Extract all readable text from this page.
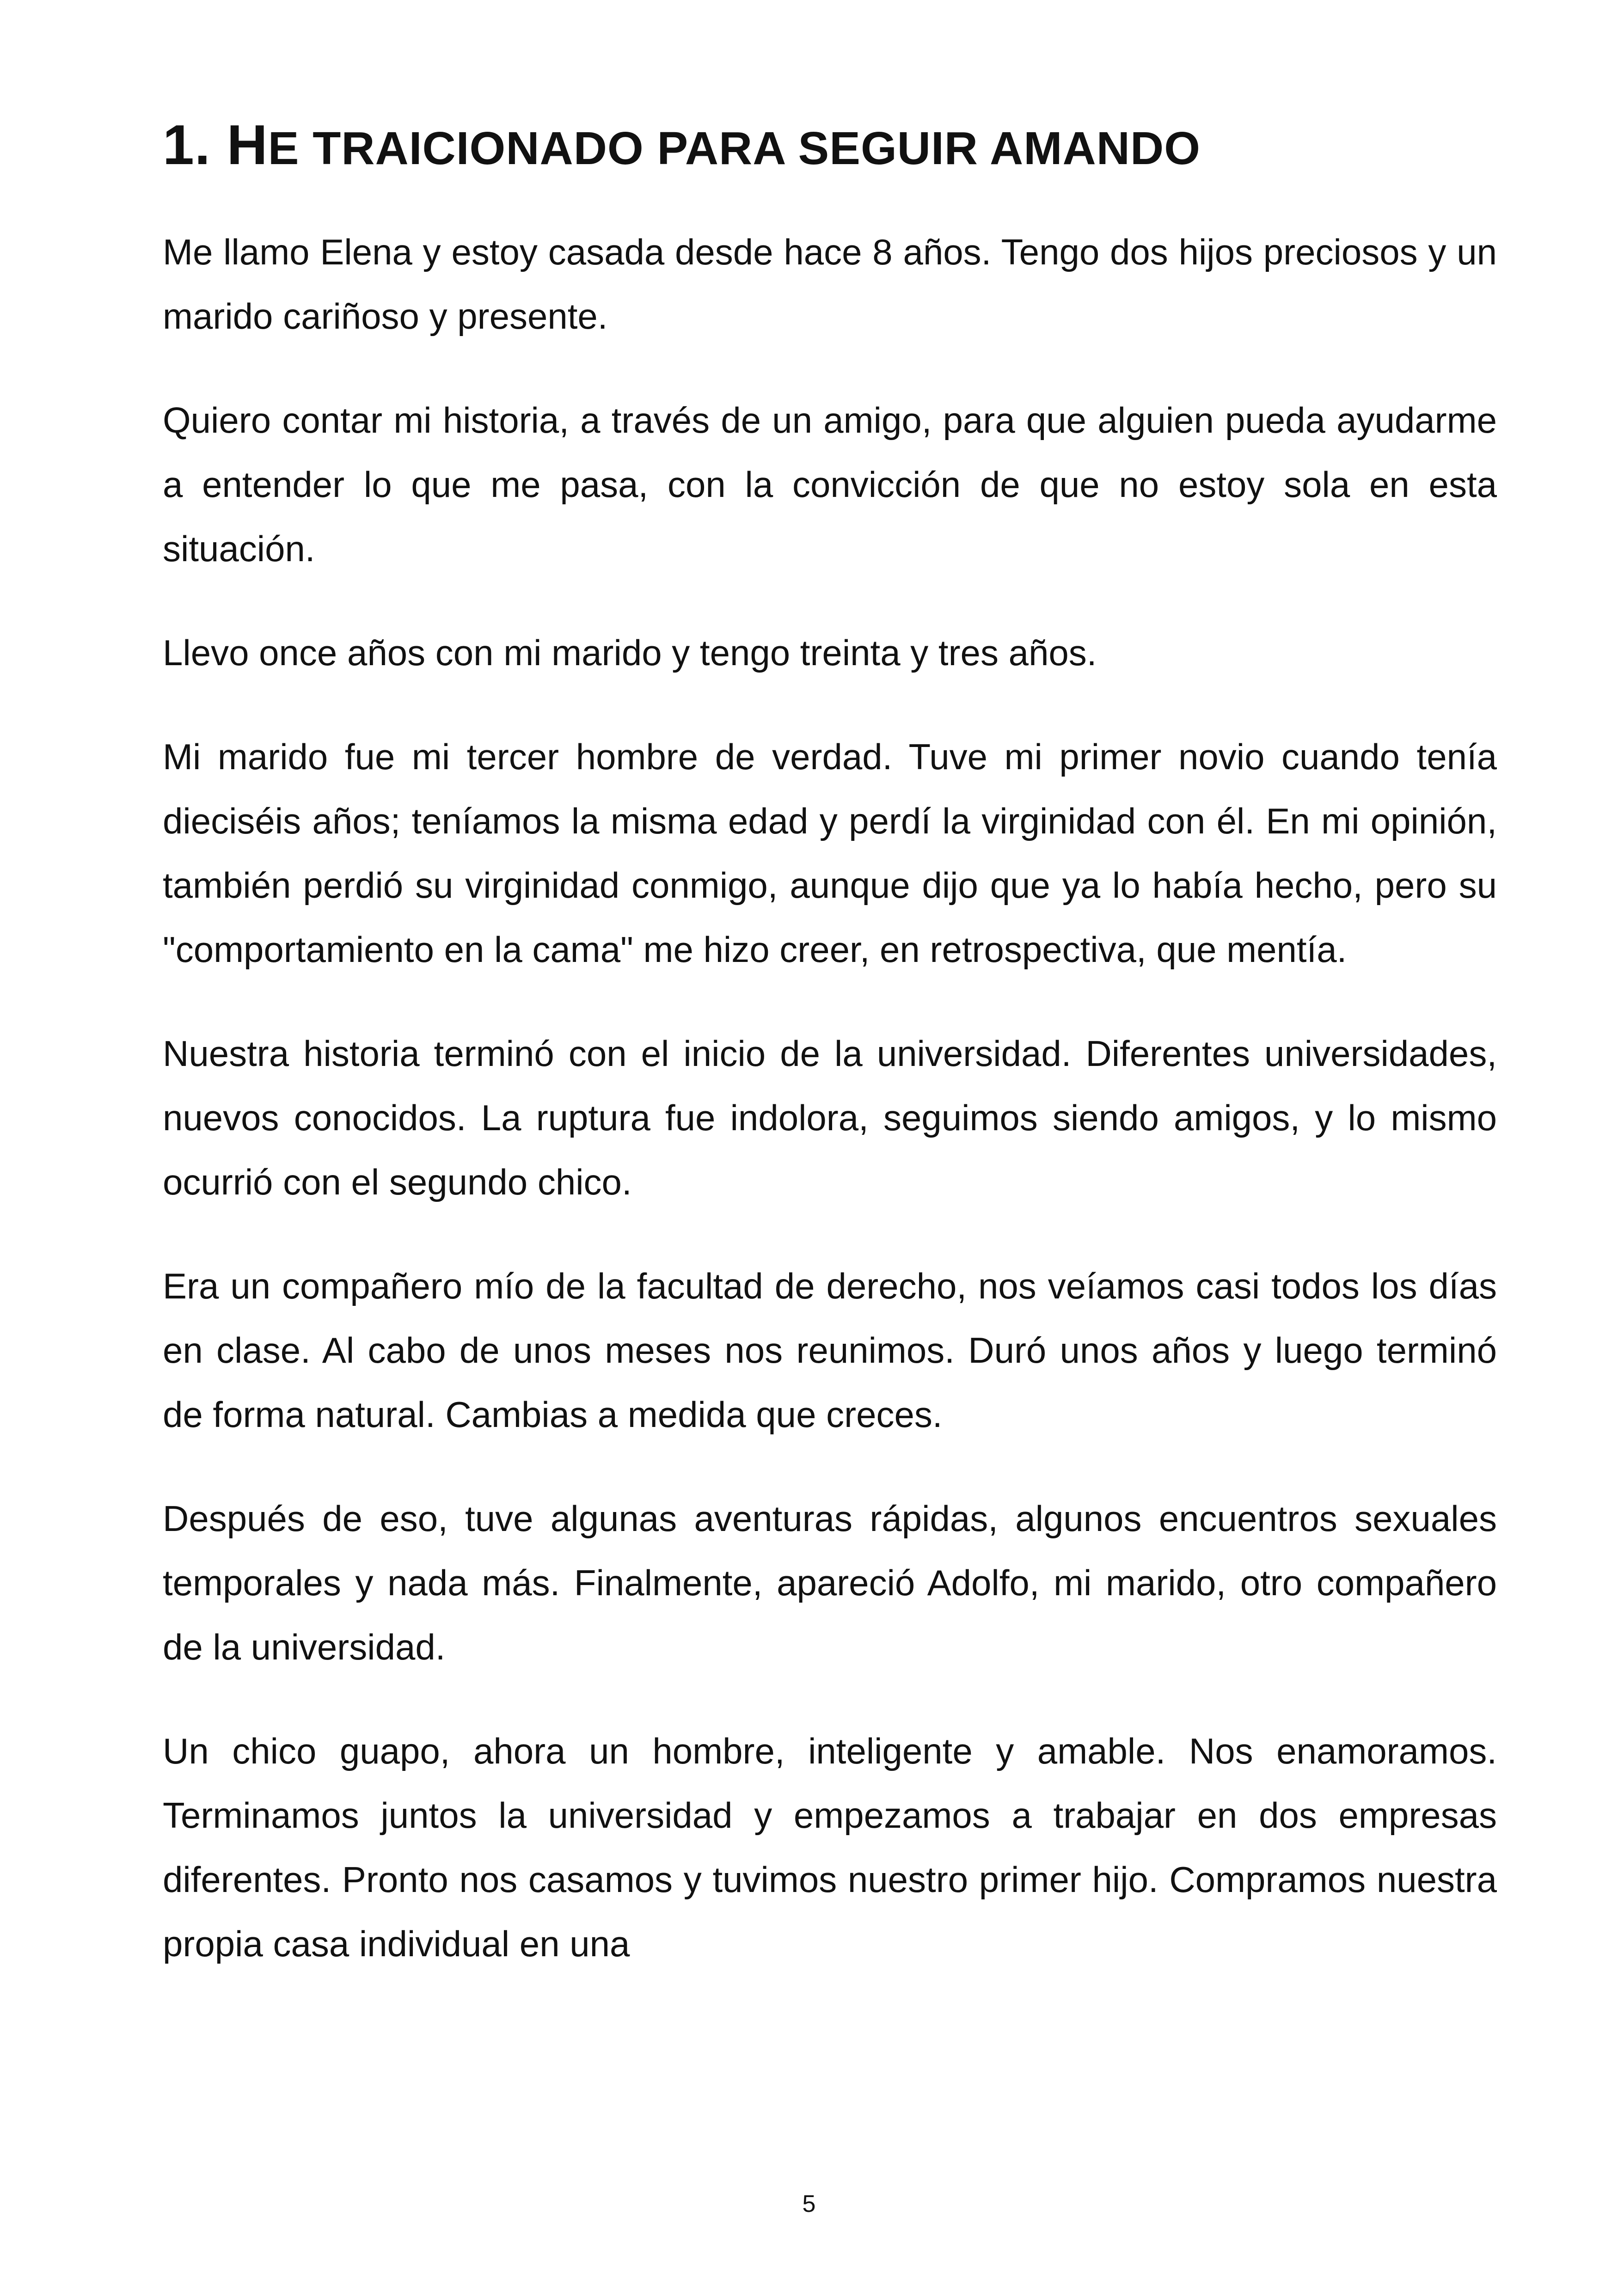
1. HE TRAICIONADO PARA SEGUIR AMANDO

Me llamo Elena y estoy casada desde hace 8 años. Tengo dos hijos preciosos y un marido cariñoso y presente.

Quiero contar mi historia, a través de un amigo, para que alguien pueda ayudarme a entender lo que me pasa, con la convicción de que no estoy sola en esta situación.

Llevo once años con mi marido y tengo treinta y tres años.

Mi marido fue mi tercer hombre de verdad. Tuve mi primer novio cuando tenía dieciséis años; teníamos la misma edad y perdí la virginidad con él. En mi opinión, también perdió su virginidad conmigo, aunque dijo que ya lo había hecho, pero su "comportamiento en la cama" me hizo creer, en retrospectiva, que mentía.

Nuestra historia terminó con el inicio de la universidad. Diferentes universidades, nuevos conocidos. La ruptura fue indolora, seguimos siendo amigos, y lo mismo ocurrió con el segundo chico.

Era un compañero mío de la facultad de derecho, nos veíamos casi todos los días en clase. Al cabo de unos meses nos reunimos. Duró unos años y luego terminó de forma natural. Cambias a medida que creces.

Después de eso, tuve algunas aventuras rápidas, algunos encuentros sexuales temporales y nada más. Finalmente, apareció Adolfo, mi marido, otro compañero de la universidad.

Un chico guapo, ahora un hombre, inteligente y amable. Nos enamoramos. Terminamos juntos la universidad y empezamos a trabajar en dos empresas diferentes. Pronto nos casamos y tuvimos nuestro primer hijo. Compramos nuestra propia casa individual en una

5
